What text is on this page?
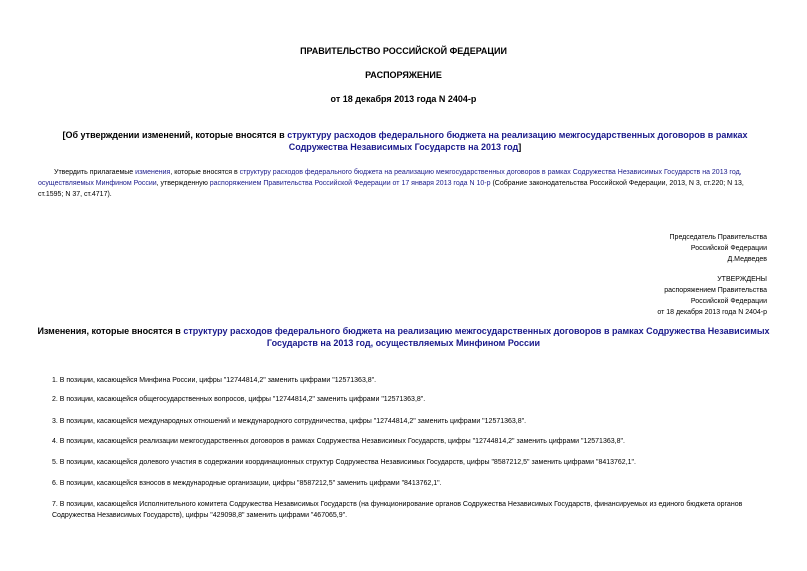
ПРАВИТЕЛЬСТВО РОССИЙСКОЙ ФЕДЕРАЦИИ
РАСПОРЯЖЕНИЕ
от 18 декабря 2013 года N 2404-р
[Об утверждении изменений, которые вносятся в структуру расходов федерального бюджета на реализацию межгосударственных договоров в рамках Содружества Независимых Государств на 2013 год]
Утвердить прилагаемые изменения, которые вносятся в структуру расходов федерального бюджета на реализацию межгосударственных договоров в рамках Содружества Независимых Государств на 2013 год, осуществляемых Минфином России, утвержденную распоряжением Правительства Российской Федерации от 17 января 2013 года N 10-р (Собрание законодательства Российской Федерации, 2013, N 3, ст.220; N 13, ст.1595; N 37, ст.4717).
Председатель Правительства
Российской Федерации
Д.Медведев
УТВЕРЖДЕНЫ
распоряжением Правительства
Российской Федерации
от 18 декабря 2013 года N 2404-р
Изменения, которые вносятся в структуру расходов федерального бюджета на реализацию межгосударственных договоров в рамках Содружества Независимых Государств на 2013 год, осуществляемых Минфином России
1. В позиции, касающейся Минфина России, цифры "12744814,2" заменить цифрами "12571363,8".
2. В позиции, касающейся общегосударственных вопросов, цифры "12744814,2" заменить цифрами "12571363,8".
3. В позиции, касающейся международных отношений и международного сотрудничества, цифры "12744814,2" заменить цифрами "12571363,8".
4. В позиции, касающейся реализации межгосударственных договоров в рамках Содружества Независимых Государств, цифры "12744814,2" заменить цифрами "12571363,8".
5. В позиции, касающейся долевого участия в содержании координационных структур Содружества Независимых Государств, цифры "8587212,5" заменить цифрами "8413762,1".
6. В позиции, касающейся взносов в международные организации, цифры "8587212,5" заменить цифрами "8413762,1".
7. В позиции, касающейся Исполнительного комитета Содружества Независимых Государств (на функционирование органов Содружества Независимых Государств, финансируемых из единого бюджета органов Содружества Независимых Государств), цифры "429098,8" заменить цифрами "467065,9".
